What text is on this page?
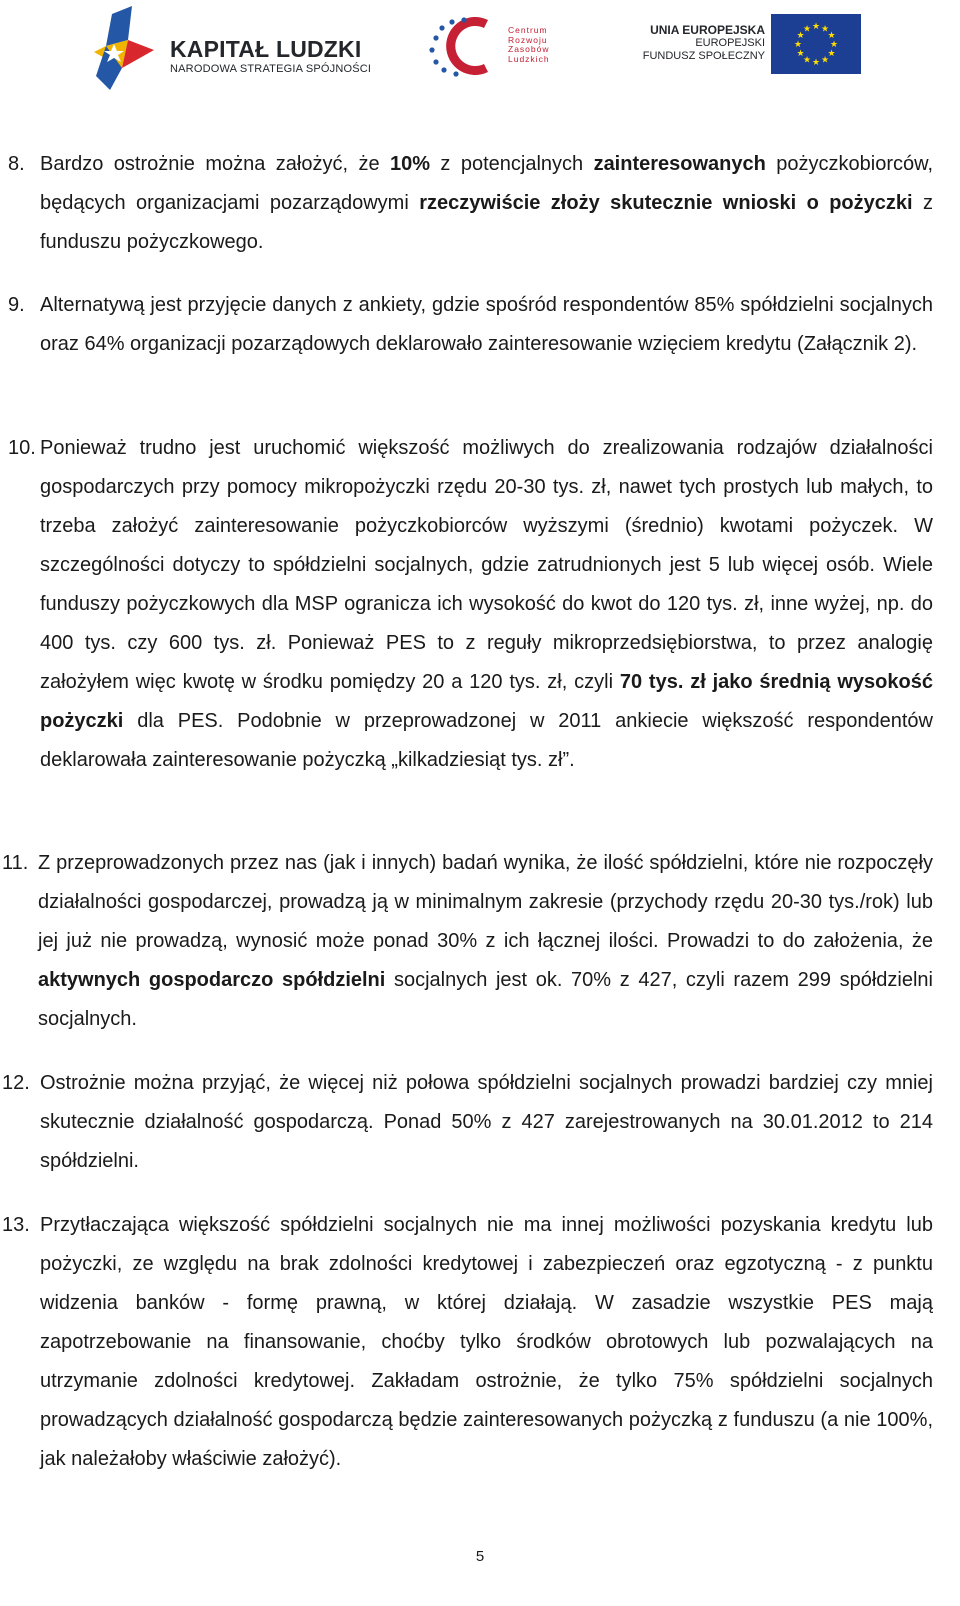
KAPITAŁ LUDZKI
NARODOWA STRATEGIA SPÓJNOŚCI
Centrum
Rozwoju
Zasobów
Ludzkich
UNIA EUROPEJSKA
EUROPEJSKI
FUNDUSZ SPOŁECZNY
★ ★
★
★
★
★
★
★
★
★
★
★
8. Bardzo ostrożnie można założyć, że 10% z potencjalnych zainteresowanych pożyczkobiorców, będących organizacjami pozarządowymi rzeczywiście złoży skutecznie wnioski o pożyczki z funduszu pożyczkowego.
9. Alternatywą jest przyjęcie danych z ankiety, gdzie spośród respondentów 85% spółdzielni socjalnych oraz 64% organizacji pozarządowych deklarowało zainteresowanie wzięciem kredytu (Załącznik 2).
10. Ponieważ trudno jest uruchomić większość możliwych do zrealizowania rodzajów działalności gospodarczych przy pomocy mikropożyczki rzędu 20-30 tys. zł, nawet tych prostych lub małych, to trzeba założyć zainteresowanie pożyczkobiorców wyższymi (średnio) kwotami pożyczek. W szczególności dotyczy to spółdzielni socjalnych, gdzie zatrudnionych jest 5 lub więcej osób. Wiele funduszy pożyczkowych dla MSP ogranicza ich wysokość do kwot do 120 tys. zł, inne wyżej, np. do 400 tys. czy 600 tys. zł. Ponieważ PES to z reguły mikroprzedsiębiorstwa, to przez analogię założyłem więc kwotę w środku pomiędzy 20 a 120 tys. zł, czyli 70 tys. zł jako średnią wysokość pożyczki dla PES. Podobnie w przeprowadzonej w 2011 ankiecie większość respondentów deklarowała zainteresowanie pożyczką „kilkadziesiąt tys. zł”.
11. Z przeprowadzonych przez nas (jak i innych) badań wynika, że ilość spółdzielni, które nie rozpoczęły działalności gospodarczej, prowadzą ją w minimalnym zakresie (przychody rzędu 20-30 tys./rok) lub jej już nie prowadzą, wynosić może ponad 30% z ich łącznej ilości. Prowadzi to do założenia, że aktywnych gospodarczo spółdzielni socjalnych jest ok. 70% z 427, czyli razem 299 spółdzielni socjalnych.
12. Ostrożnie można przyjąć, że więcej niż połowa spółdzielni socjalnych prowadzi bardziej czy mniej skutecznie działalność gospodarczą. Ponad 50% z 427 zarejestrowanych na 30.01.2012 to 214 spółdzielni.
13. Przytłaczająca większość spółdzielni socjalnych nie ma innej możliwości pozyskania kredytu lub pożyczki, ze względu na brak zdolności kredytowej i zabezpieczeń oraz egzotyczną - z punktu widzenia banków - formę prawną, w której działają. W zasadzie wszystkie PES mają zapotrzebowanie na finansowanie, choćby tylko środków obrotowych lub pozwalających na utrzymanie zdolności kredytowej. Zakładam ostrożnie, że tylko 75% spółdzielni socjalnych prowadzących działalność gospodarczą będzie zainteresowanych pożyczką z funduszu (a nie 100%, jak należałoby właściwie założyć).
5
